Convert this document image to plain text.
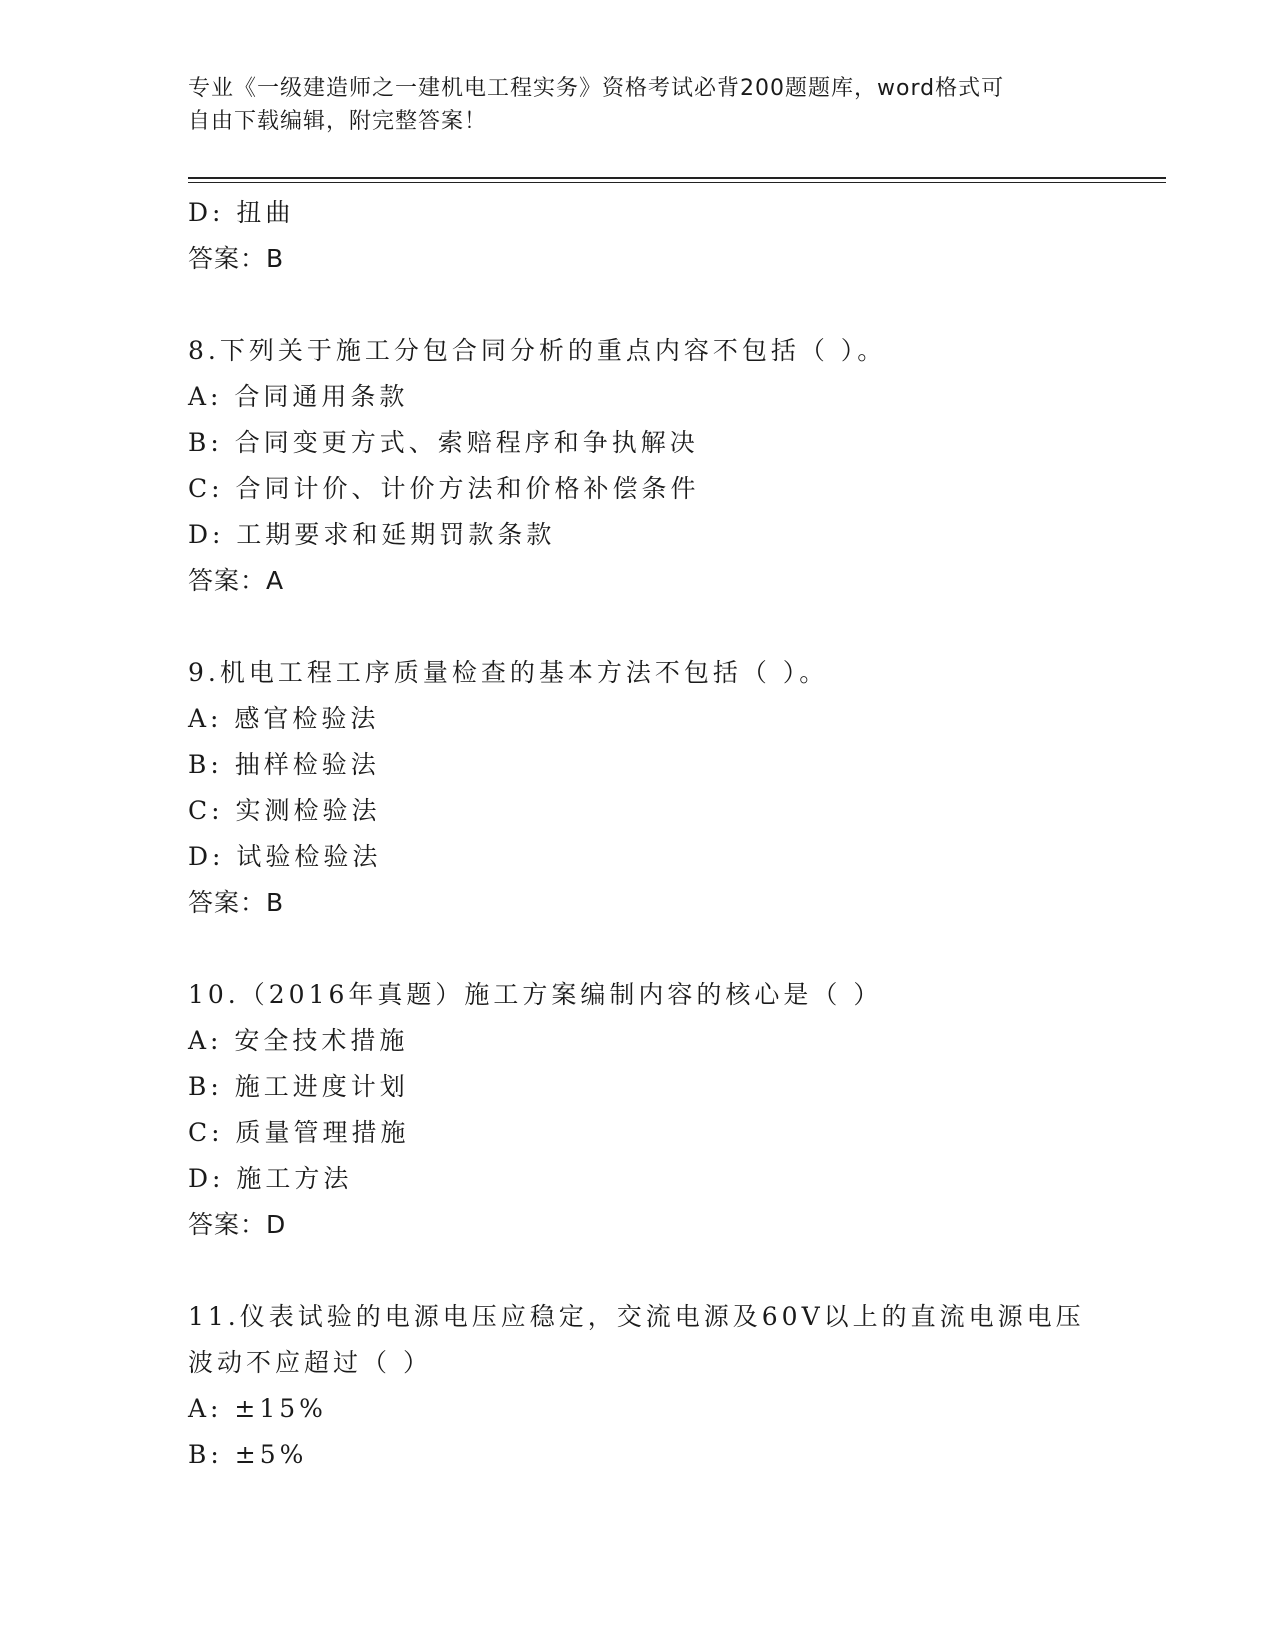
专业《一级建造师之一建机电工程实务》资格考试必背200题题库，word格式可
自由下载编辑，附完整答案！
D: 扭曲
答案：B
8.下列关于施工分包合同分析的重点内容不包括（ ）。
A: 合同通用条款
B: 合同变更方式、索赔程序和争执解决
C: 合同计价、计价方法和价格补偿条件
D: 工期要求和延期罚款条款
答案：A
9.机电工程工序质量检查的基本方法不包括（ ）。
A: 感官检验法
B: 抽样检验法
C: 实测检验法
D: 试验检验法
答案：B
10.（2016年真题）施工方案编制内容的核心是（ ）
A: 安全技术措施
B: 施工进度计划
C: 质量管理措施
D: 施工方法
答案：D
11.仪表试验的电源电压应稳定，交流电源及60V以上的直流电源电压
波动不应超过（ ）
A: ±15%
B: ±5%
